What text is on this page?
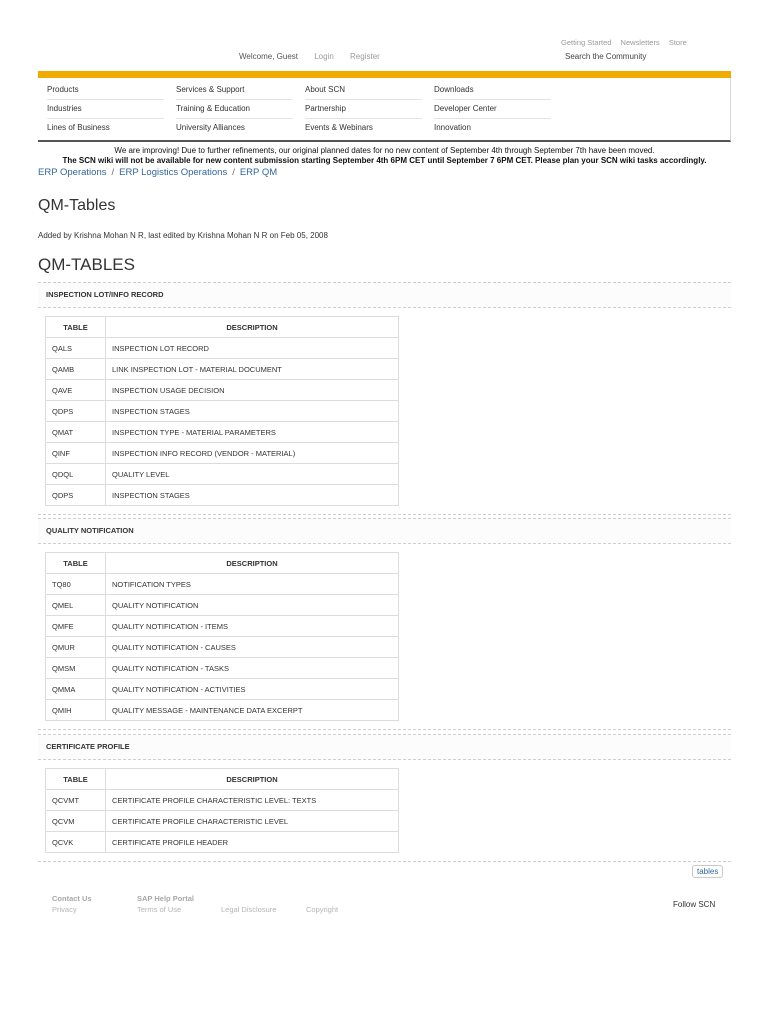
Getting Started Newsletters Store
Welcome, Guest Login Register	Search the Community
Products
Industries
Lines of Business
Services & Support
Training & Education
University Alliances
About SCN
Partnership
Events & Webinars
Downloads
Developer Center
Innovation
We are improving! Due to further refinements, our original planned dates for no new content of September 4th through September 7th have been moved.
The SCN wiki will not be available for new content submission starting September 4th 6PM CET until September 7 6PM CET. Please plan your SCN wiki tasks accordingly.
ERP Operations / ERP Logistics Operations / ERP QM
QM-Tables
Added by Krishna Mohan N R, last edited by Krishna Mohan N R on Feb 05, 2008
QM-TABLES
INSPECTION LOT/INFO RECORD
TABLE	DESCRIPTION
QALS	INSPECTION LOT RECORD
QAMB	LINK INSPECTION LOT - MATERIAL DOCUMENT
QAVE	INSPECTION USAGE DECISION
QDPS	INSPECTION STAGES
QMAT	INSPECTION TYPE - MATERIAL PARAMETERS
QINF	INSPECTION INFO RECORD (VENDOR - MATERIAL)
QDQL	QUALITY LEVEL
QDPS	INSPECTION STAGES
QUALITY NOTIFICATION
TABLE	DESCRIPTION
TQ80	NOTIFICATION TYPES
QMEL	QUALITY NOTIFICATION
QMFE	QUALITY NOTIFICATION - ITEMS
QMUR	QUALITY NOTIFICATION - CAUSES
QMSM	QUALITY NOTIFICATION - TASKS
QMMA	QUALITY NOTIFICATION - ACTIVITIES
QMIH	QUALITY MESSAGE - MAINTENANCE DATA EXCERPT
CERTIFICATE PROFILE
TABLE	DESCRIPTION
QCVMT	CERTIFICATE PROFILE CHARACTERISTIC LEVEL: TEXTS
QCVM	CERTIFICATE PROFILE CHARACTERISTIC LEVEL
QCVK	CERTIFICATE PROFILE HEADER
tables
Contact Us
Privacy
SAP Help Portal
Terms of Use	Legal Disclosure	Copyright
Follow SCN
